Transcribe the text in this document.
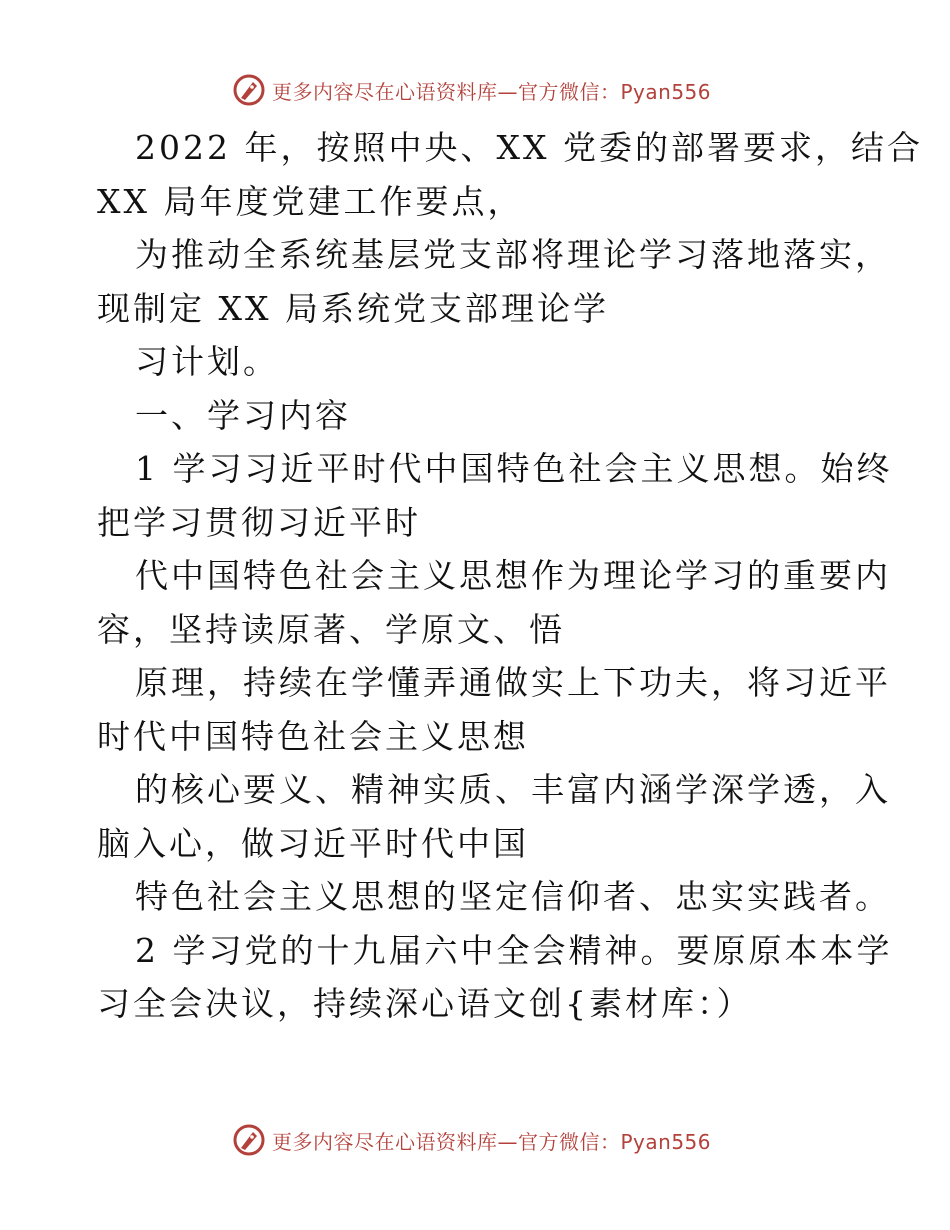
更多内容尽在心语资料库—官方微信：Pyan556
2022 年，按照中央、XX 党委的部署要求，结合
XX 局年度党建工作要点，
为推动全系统基层党支部将理论学习落地落实，
现制定 XX 局系统党支部理论学
习计划。
一、学习内容
1 学习习近平时代中国特色社会主义思想。始终
把学习贯彻习近平时
代中国特色社会主义思想作为理论学习的重要内
容，坚持读原著、学原文、悟
原理，持续在学懂弄通做实上下功夫，将习近平
时代中国特色社会主义思想
的核心要义、精神实质、丰富内涵学深学透，入
脑入心，做习近平时代中国
特色社会主义思想的坚定信仰者、忠实实践者。
2 学习党的十九届六中全会精神。要原原本本学
习全会决议，持续深心语文创{素材库：）
更多内容尽在心语资料库—官方微信：Pyan556
